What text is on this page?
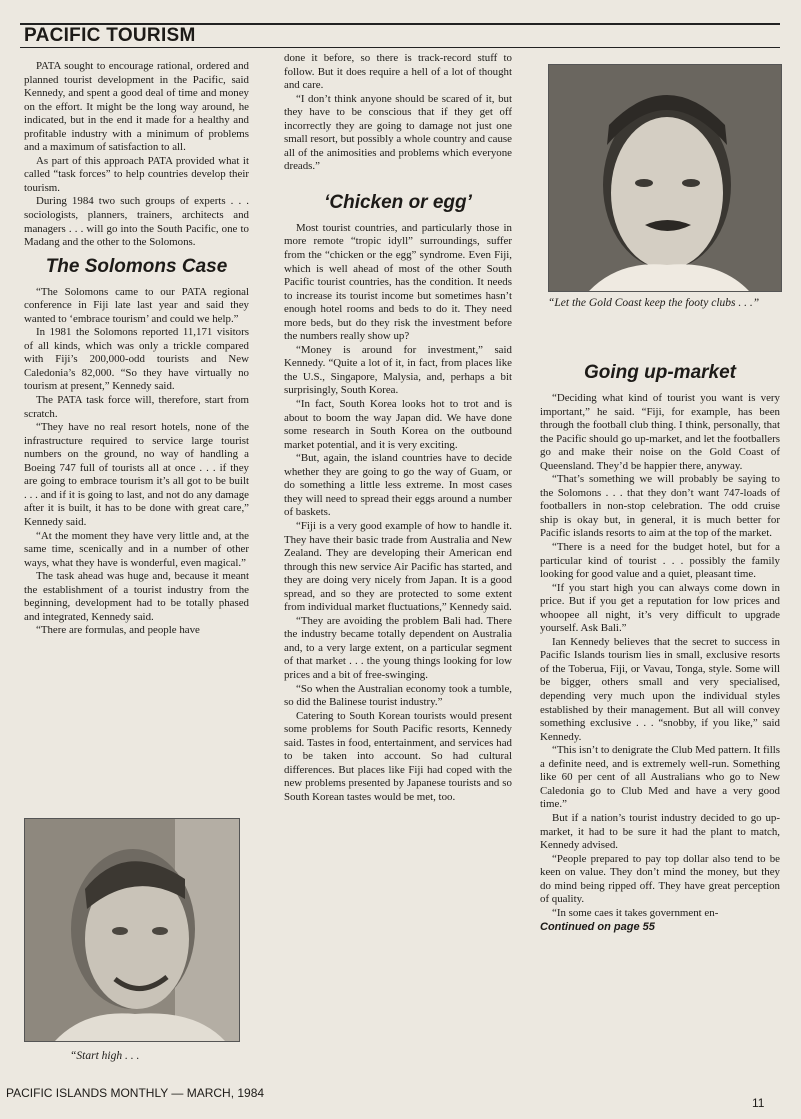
PACIFIC TOURISM

PATA sought to encourage rational, ordered and planned tourist development in the Pacific, said Kennedy, and spent a good deal of time and money on the effort. It might be the long way around, he indicated, but in the end it made for a healthy and profitable industry with a minimum of problems and a maximum of satisfaction to all.

As part of this approach PATA provided what it called “task forces” to help countries develop their tourism.

During 1984 two such groups of experts . . . sociologists, planners, trainers, architects and managers . . . will go into the South Pacific, one to Madang and the other to the Solomons.

The Solomons Case

“The Solomons came to our PATA regional conference in Fiji late last year and said they wanted to ‘embrace tourism’ and could we help.”

In 1981 the Solomons reported 11,171 visitors of all kinds, which was only a trickle compared with Fiji’s 200,000-odd tourists and New Caledonia’s 82,000. “So they have virtually no tourism at present,” Kennedy said.

The PATA task force will, therefore, start from scratch.

“They have no real resort hotels, none of the infrastructure required to service large tourist numbers on the ground, no way of handling a Boeing 747 full of tourists all at once . . . if they are going to embrace tourism it’s all got to be built . . . and if it is going to last, and not do any damage after it is built, it has to be done with great care,” Kennedy said.

“At the moment they have very little and, at the same time, scenically and in a number of other ways, what they have is wonderful, even magical.”

The task ahead was huge and, because it meant the establishment of a tourist industry from the beginning, development had to be totally phased and integrated, Kennedy said.

“There are formulas, and people have

“Start high . . .

done it before, so there is track-record stuff to follow. But it does require a hell of a lot of thought and care.

“I don’t think anyone should be scared of it, but they have to be conscious that if they get off incorrectly they are going to damage not just one small resort, but possibly a whole country and cause all of the animosities and problems which everyone dreads.”

‘Chicken or egg’

Most tourist countries, and particularly those in more remote “tropic idyll” surroundings, suffer from the “chicken or the egg” syndrome. Even Fiji, which is well ahead of most of the other South Pacific tourist countries, has the condition. It needs to increase its tourist income but sometimes hasn’t enough hotel rooms and beds to do it. They need more beds, but do they risk the investment before the numbers really show up?

“Money is around for investment,” said Kennedy. “Quite a lot of it, in fact, from places like the U.S., Singapore, Malysia, and, perhaps a bit surprisingly, South Korea.

“In fact, South Korea looks hot to trot and is about to boom the way Japan did. We have done some research in South Korea on the outbound market potential, and it is very exciting.

“But, again, the island countries have to decide whether they are going to go the way of Guam, or do something a little less extreme. In most cases they will need to spread their eggs around a number of baskets.

“Fiji is a very good example of how to handle it. They have their basic trade from Australia and New Zealand. They are developing their American end through this new service Air Pacific has started, and they are doing very nicely from Japan. It is a good spread, and so they are protected to some extent from individual market fluctuations,” Kennedy said.

“They are avoiding the problem Bali had. There the industry became totally dependent on Australia and, to a very large extent, on a particular segment of that market . . . the young things looking for low prices and a bit of free-swinging.

“So when the Australian economy took a tumble, so did the Balinese tourist industry.”

Catering to South Korean tourists would present some problems for South Pacific resorts, Kennedy said. Tastes in food, entertainment, and services had to be taken into account. So had cultural differences. But places like Fiji had coped with the new problems presented by Japanese tourists and so South Korean tastes would be met, too.

“Let the Gold Coast keep the footy clubs . . .”
Going up-market

“Deciding what kind of tourist you want is very important,” he said. “Fiji, for example, has been through the football club thing. I think, personally, that the Pacific should go up-market, and let the footballers go and make their noise on the Gold Coast of Queensland. They’d be happier there, anyway.

“That’s something we will probably be saying to the Solomons . . . that they don’t want 747-loads of footballers in non-stop celebration. The odd cruise ship is okay but, in general, it is much better for Pacific islands resorts to aim at the top of the market.

“There is a need for the budget hotel, but for a particular kind of tourist . . . possibly the family looking for good value and a quiet, pleasant time.

“If you start high you can always come down in price. But if you get a reputation for low prices and whoopee all night, it’s very difficult to upgrade yourself. Ask Bali.”

Ian Kennedy believes that the secret to success in Pacific Islands tourism lies in small, exclusive resorts of the Toberua, Fiji, or Vavau, Tonga, style. Some will be bigger, others small and very specialised, depending very much upon the individual styles established by their management. But all will convey something exclusive . . . “snobby, if you like,” said Kennedy.

“This isn’t to denigrate the Club Med pattern. It fills a definite need, and is extremely well-run. Something like 60 per cent of all Australians who go to New Caledonia go to Club Med and have a very good time.”

But if a nation’s tourist industry decided to go up-market, it had to be sure it had the plant to match, Kennedy advised.

“People prepared to pay top dollar also tend to be keen on value. They don’t mind the money, but they do mind being ripped off. They have great perception of quality.

“In some caes it takes government en-

Continued on page 55
PACIFIC ISLANDS MONTHLY — MARCH, 1984
11
